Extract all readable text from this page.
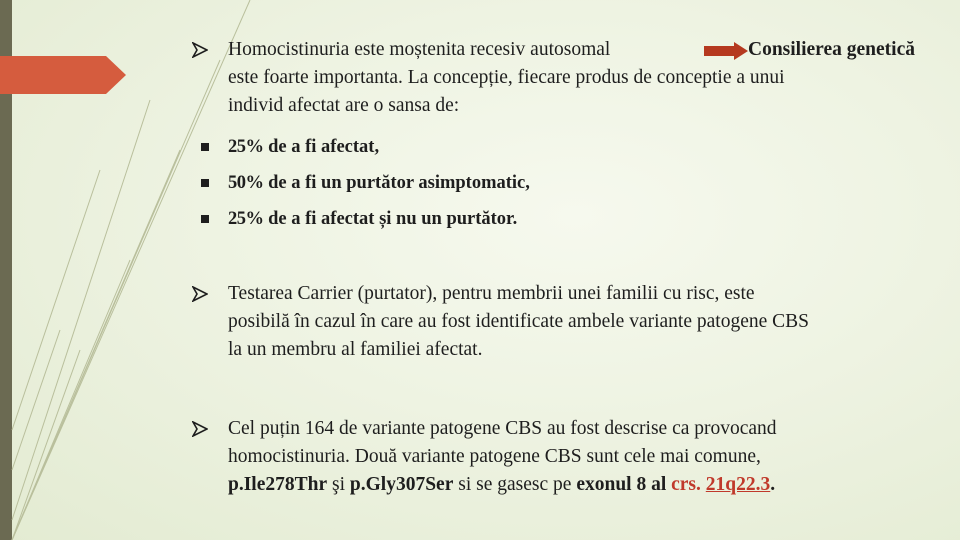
Homocistinuria este moștenita recesiv autosomal	Consilierea genetică
este foarte importanta. La concepție, fiecare produs de conceptie a unui
individ afectat are o sansa de:
25% de a fi afectat,
50% de a fi un purtător asimptomatic,
25% de a fi afectat și nu un purtător.
Testarea Carrier (purtator), pentru membrii unei familii cu risc, este
posibilă în cazul în care au fost identificate ambele variante patogene CBS
la un membru al familiei afectat.
Cel puțin 164 de variante patogene CBS au fost descrise ca provocand
homocistinuria. Două variante patogene CBS sunt cele mai comune,
p.Ile278Thr şi p.Gly307Ser si se gasesc pe exonul 8 al crs. 21q22.3.
